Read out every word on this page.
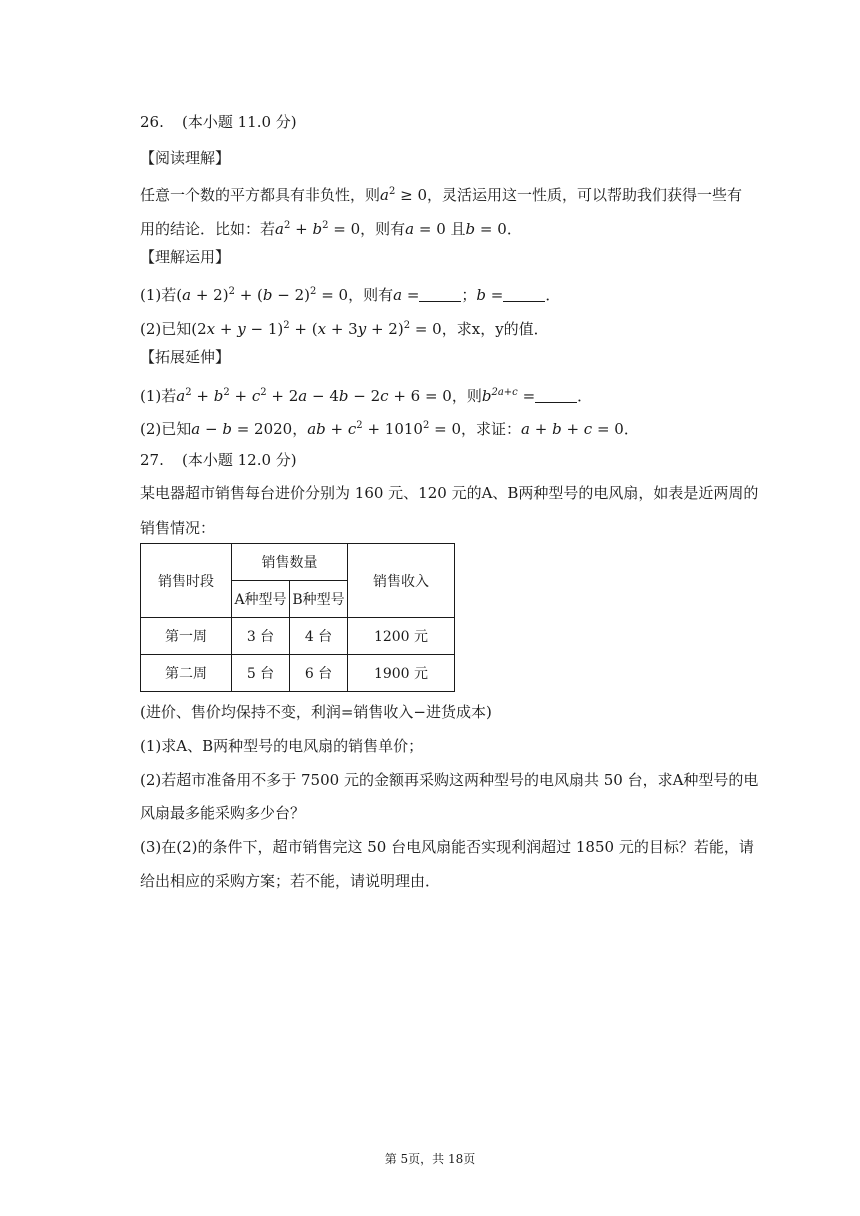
26. (本小题 11.0 分)
【阅读理解】
任意一个数的平方都具有非负性，则$a^2 \ge 0$，灵活运用这一性质，可以帮助我们获得一些有
用的结论．比如：若$a^2 + b^2 = 0$，则有a = 0 且b = 0．
【理解运用】
(1)若$(a + 2)^2 + (b - 2)^2 = 0$，则有a =	；b =	．
(2)已知$(2x + y - 1)^2 + (x + 3y + 2)^2 = 0$，求x，y的值．
【拓展延伸】
(1)若$a^2 + b^2 + c^2 + 2a - 4b - 2c + 6 = 0$，则$b^{2a+c}$ =	．
(2)已知a − b = 2020，ab + $c^2 + 1010^2 = 0$，求证：a + b + c = 0．
27. (本小题 12.0 分)
某电器超市销售每台进价分别为 160 元、120 元的A、B两种型号的电风扇，如表是近两周的
销售情况：
销售时段	销售数量		销售收入
	A种型号	B种型号	
第一周	3 台	4 台	1200 元
第二周	5 台	6 台	1900 元
(进价、售价均保持不变，利润=销售收入−进货成本)
(1)求A、B两种型号的电风扇的销售单价；
(2)若超市准备用不多于 7500 元的金额再采购这两种型号的电风扇共 50 台，求A种型号的电
风扇最多能采购多少台？
(3)在(2)的条件下，超市销售完这 50 台电风扇能否实现利润超过 1850 元的目标？若能，请
给出相应的采购方案；若不能，请说明理由．
第 5页，共 18页
